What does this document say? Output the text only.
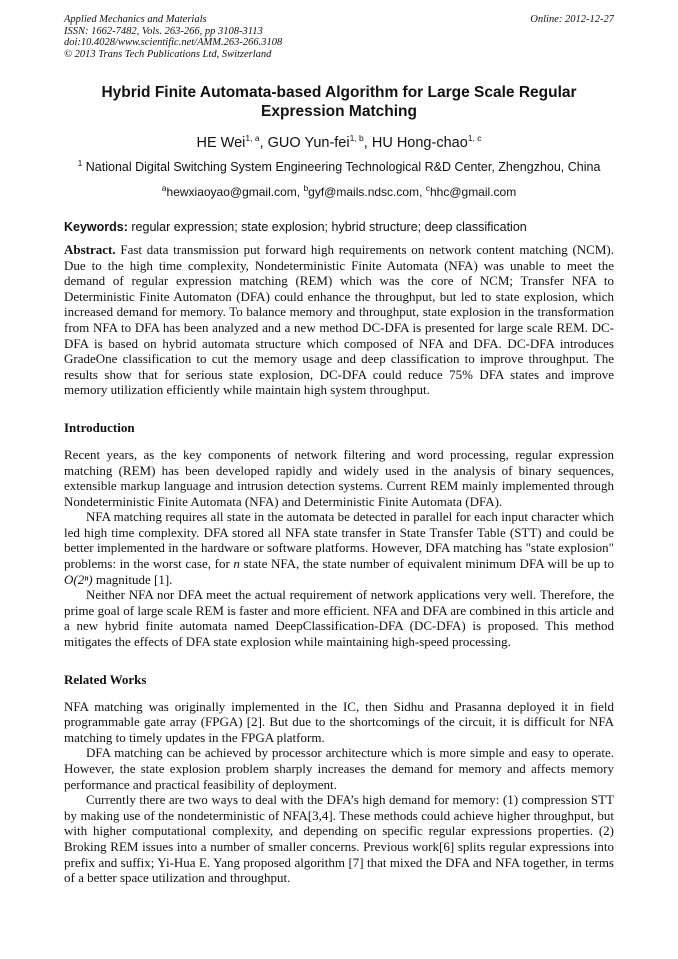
Applied Mechanics and Materials
ISSN: 1662-7482, Vols. 263-266, pp 3108-3113
doi:10.4028/www.scientific.net/AMM.263-266.3108
© 2013 Trans Tech Publications Ltd, Switzerland
Online: 2012-12-27
Hybrid Finite Automata-based Algorithm for Large Scale Regular Expression Matching
HE Wei$^{1, a}$, GUO Yun-fei$^{1, b}$, HU Hong-chao$^{1, c}$
$^1$ National Digital Switching System Engineering Technological R&D Center, Zhengzhou, China
$^a$hewxiaoyao@gmail.com, $^b$gyf@mails.ndsc.com, $^c$hhc@gmail.com
Keywords: regular expression; state explosion; hybrid structure; deep classification

Abstract. Fast data transmission put forward high requirements on network content matching (NCM). Due to the high time complexity, Nondeterministic Finite Automata (NFA) was unable to meet the demand of regular expression matching (REM) which was the core of NCM; Transfer NFA to Deterministic Finite Automaton (DFA) could enhance the throughput, but led to state explosion, which increased demand for memory. To balance memory and throughput, state explosion in the transformation from NFA to DFA has been analyzed and a new method DC-DFA is presented for large scale REM. DC-DFA is based on hybrid automata structure which composed of NFA and DFA. DC-DFA introduces GradeOne classification to cut the memory usage and deep classification to improve throughput. The results show that for serious state explosion, DC-DFA could reduce 75% DFA states and improve memory utilization efficiently while maintain high system throughput.

Introduction

Recent years, as the key components of network filtering and word processing, regular expression matching (REM) has been developed rapidly and widely used in the analysis of binary sequences, extensible markup language and intrusion detection systems. Current REM mainly implemented through Nondeterministic Finite Automata (NFA) and Deterministic Finite Automata (DFA).

NFA matching requires all state in the automata be detected in parallel for each input character which led high time complexity. DFA stored all NFA state transfer in State Transfer Table (STT) and could be better implemented in the hardware or software platforms. However, DFA matching has "state explosion" problems: in the worst case, for n state NFA, the state number of equivalent minimum DFA will be up to O(2ⁿ) magnitude [1].

Neither NFA nor DFA meet the actual requirement of network applications very well. Therefore, the prime goal of large scale REM is faster and more efficient. NFA and DFA are combined in this article and a new hybrid finite automata named DeepClassification-DFA (DC-DFA) is proposed. This method mitigates the effects of DFA state explosion while maintaining high-speed processing.

Related Works

NFA matching was originally implemented in the IC, then Sidhu and Prasanna deployed it in field programmable gate array (FPGA) [2]. But due to the shortcomings of the circuit, it is difficult for NFA matching to timely updates in the FPGA platform.

DFA matching can be achieved by processor architecture which is more simple and easy to operate. However, the state explosion problem sharply increases the demand for memory and affects memory performance and practical feasibility of deployment.

Currently there are two ways to deal with the DFA’s high demand for memory: (1) compression STT by making use of the nondeterministic of NFA[3,4]. These methods could achieve higher throughput, but with higher computational complexity, and depending on specific regular expressions properties. (2) Broking REM issues into a number of smaller concerns. Previous work[6] splits regular expressions into prefix and suffix; Yi-Hua E. Yang proposed algorithm [7] that mixed the DFA and NFA together, in terms of a better space utilization and throughput.
